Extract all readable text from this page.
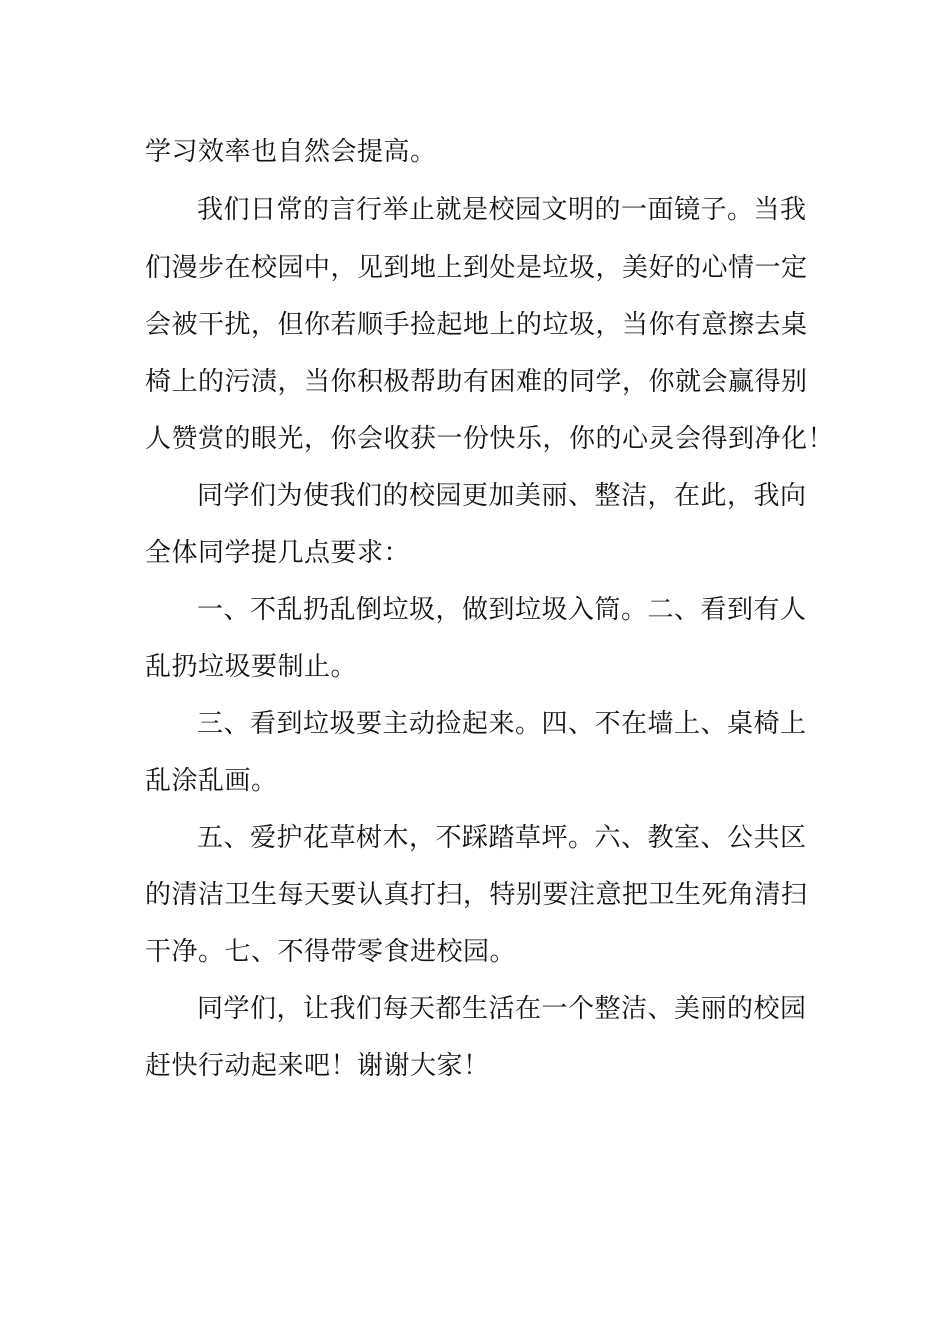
学习效率也自然会提高。
我们日常的言行举止就是校园文明的一面镜子。当我
们漫步在校园中，见到地上到处是垃圾，美好的心情一定
会被干扰，但你若顺手捡起地上的垃圾，当你有意擦去桌
椅上的污渍，当你积极帮助有困难的同学，你就会赢得别
人赞赏的眼光，你会收获一份快乐，你的心灵会得到净化！
同学们为使我们的校园更加美丽、整洁，在此，我向
全体同学提几点要求：
一、不乱扔乱倒垃圾，做到垃圾入筒。二、看到有人
乱扔垃圾要制止。
三、看到垃圾要主动捡起来。四、不在墙上、桌椅上
乱涂乱画。
五、爱护花草树木，不踩踏草坪。六、教室、公共区
的清洁卫生每天要认真打扫，特别要注意把卫生死角清扫
干净。七、不得带零食进校园。
同学们，让我们每天都生活在一个整洁、美丽的校园
赶快行动起来吧！谢谢大家！
